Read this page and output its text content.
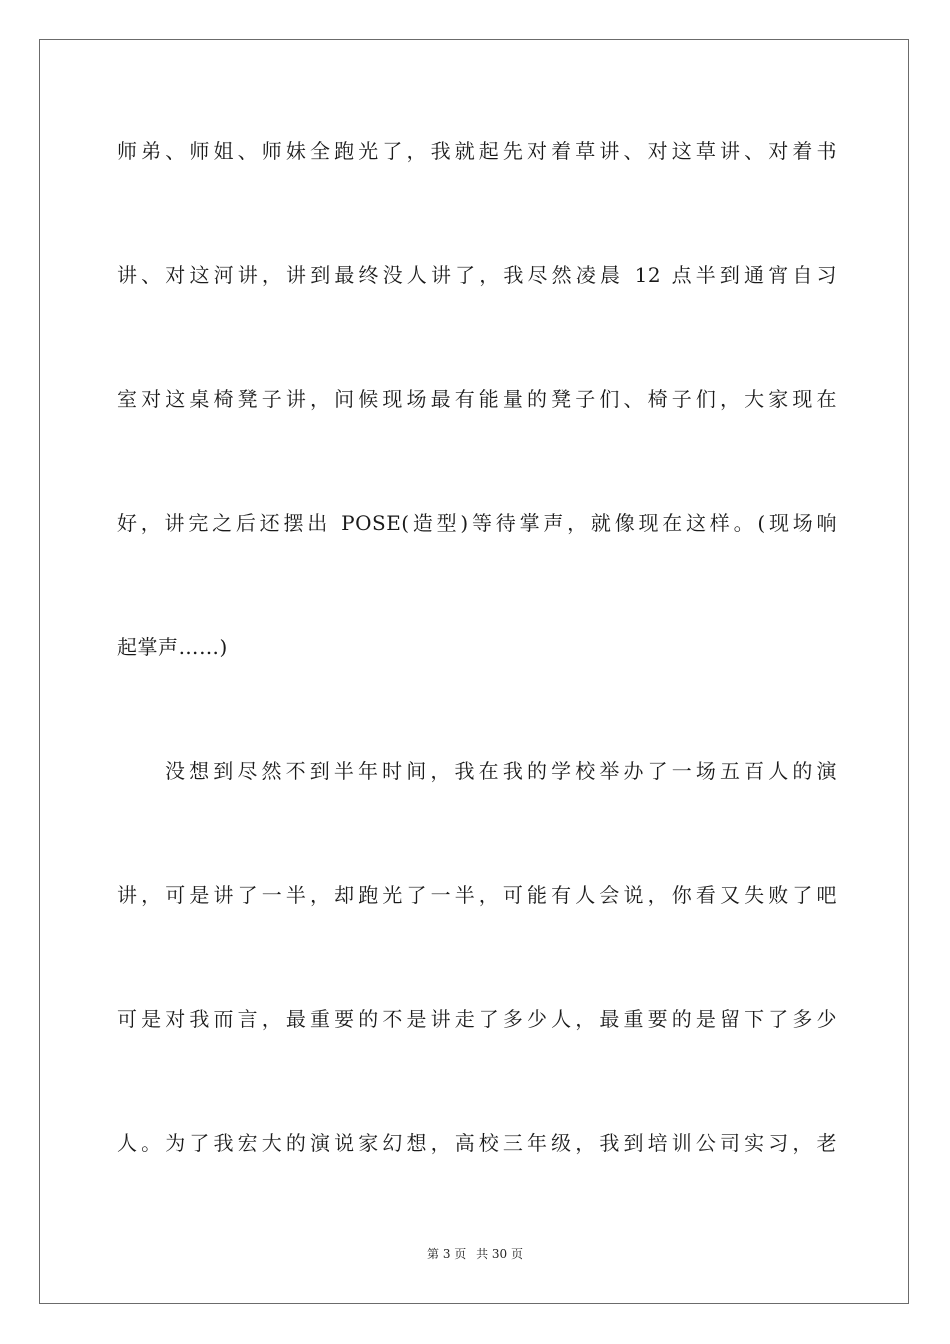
师弟、师姐、师妹全跑光了，我就起先对着草讲、对这草讲、对着书
讲、对这河讲，讲到最终没人讲了，我尽然凌晨 12 点半到通宵自习
室对这桌椅凳子讲，问候现场最有能量的凳子们、椅子们，大家现在
好，讲完之后还摆出 POSE(造型)等待掌声，就像现在这样。(现场响
起掌声……)
没想到尽然不到半年时间，我在我的学校举办了一场五百人的演
讲，可是讲了一半，却跑光了一半，可能有人会说，你看又失败了吧
可是对我而言，最重要的不是讲走了多少人，最重要的是留下了多少
人。为了我宏大的演说家幻想，高校三年级，我到培训公司实习，老
第 3 页 共 30 页
